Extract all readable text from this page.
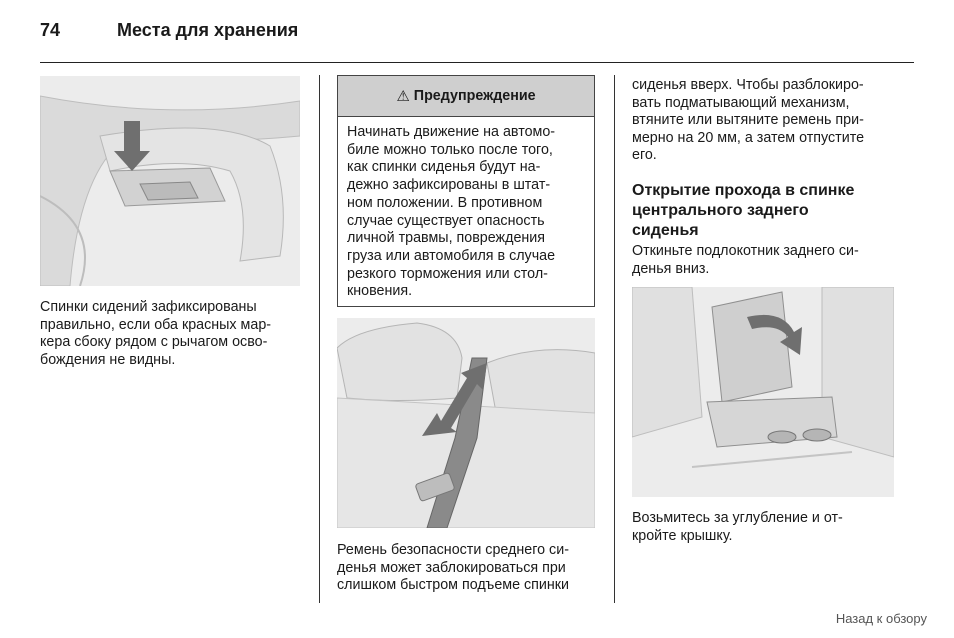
74	Места для хранения
Спинки сидений зафиксированы
правильно, если оба красных мар-
кера сбоку рядом с рычагом осво-
бождения не видны.
⚠ Предупреждение
Начинать движение на автомо-
биле можно только после того,
как спинки сиденья будут на-
дежно зафиксированы в штат-
ном положении. В противном
случае существует опасность
личной травмы, повреждения
груза или автомобиля в случае
резкого торможения или стол-
кновения.
Ремень безопасности среднего си-
денья может заблокироваться при
слишком быстром подъеме спинки
сиденья вверх. Чтобы разблокиро-
вать подматывающий механизм,
втяните или вытяните ремень при-
мерно на 20 мм, а затем отпустите
его.
Открытие прохода в спинке
центрального заднего
сиденья
Откиньте подлокотник заднего си-
денья вниз.
Возьмитесь за углубление и от-
кройте крышку.
Назад к обзору
